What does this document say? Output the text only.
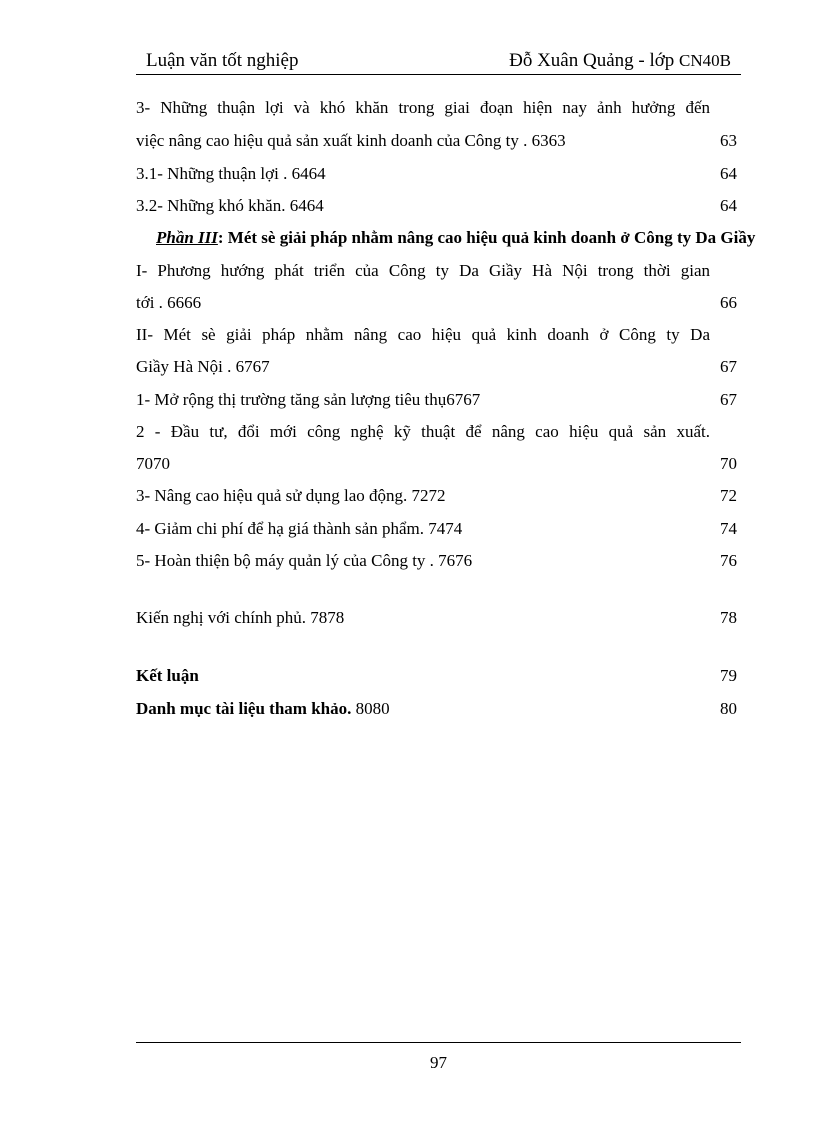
Luận văn tốt nghiệp	Đỗ Xuân Quảng - lớp CN40B
3- Những thuận lợi và khó khăn trong giai đoạn hiện nay ảnh hưởng đến
việc nâng cao hiệu quả sản xuất kinh doanh của Công ty . 6363	63
3.1- Những thuận lợi . 6464	64
3.2- Những khó khăn. 6464	64
Phần III: Mét sè giải pháp nhằm nâng cao hiệu quả kinh doanh ở Công ty Da Giầy
I- Phương hướng phát triển của Công ty Da Giầy Hà Nội trong thời gian
tới . 6666	66
II- Mét sè giải pháp nhằm nâng cao hiệu quả kinh doanh ở Công ty Da
Giầy Hà Nội . 6767	67
1- Mở rộng thị trường tăng sản lượng tiêu thụ6767	67
2 - Đầu tư, đổi mới công nghệ kỹ thuật để nâng cao hiệu quả sản xuất.
7070	70
3- Nâng cao hiệu quả sử dụng lao động. 7272	72
4- Giảm chi phí để hạ giá thành sản phẩm. 7474	74
5- Hoàn thiện bộ máy quản lý của Công ty . 7676	76
Kiến nghị với chính phủ. 7878	78
Kết luận	79
Danh mục tài liệu tham khảo. 8080	80
97
